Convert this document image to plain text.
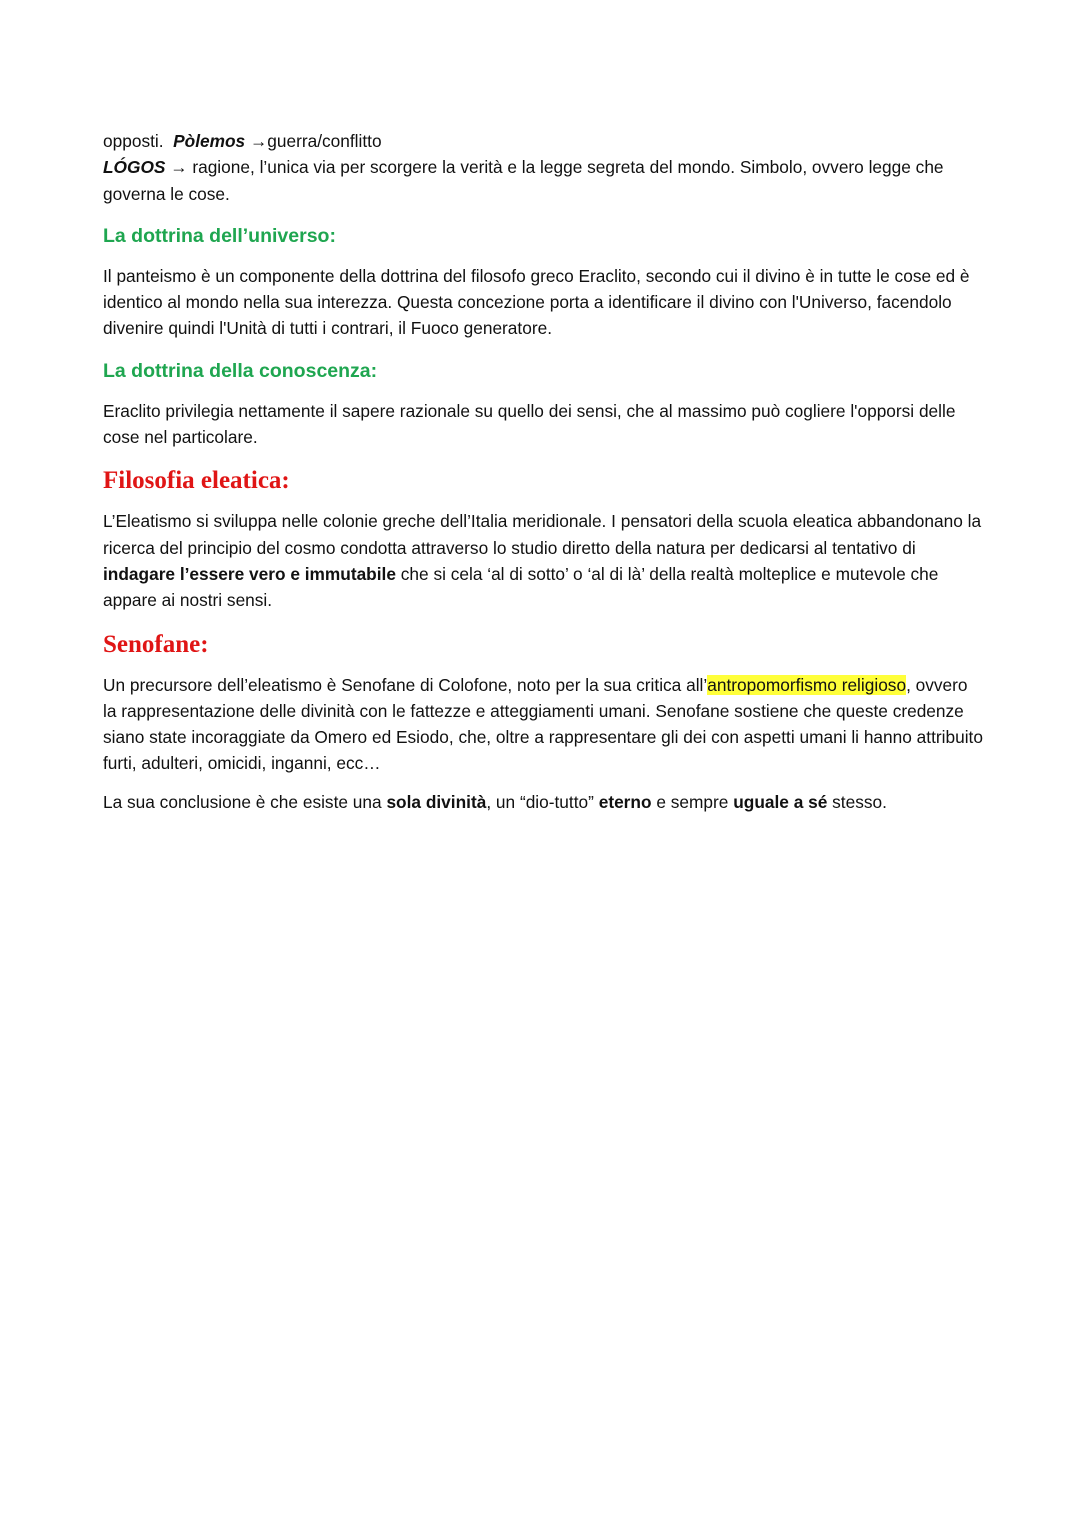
opposti. Pòlemos →guerra/conflitto

LÓGOS → ragione, l’unica via per scorgere la verità e la legge segreta del mondo. Simbolo, ovvero legge che governa le cose.

La dottrina dell’universo:

Il panteismo è un componente della dottrina del filosofo greco Eraclito, secondo cui il divino è in tutte le cose ed è identico al mondo nella sua interezza. Questa concezione porta a identificare il divino con l'Universo, facendolo divenire quindi l'Unità di tutti i contrari, il Fuoco generatore.

La dottrina della conoscenza:

Eraclito privilegia nettamente il sapere razionale su quello dei sensi, che al massimo può cogliere l'opporsi delle cose nel particolare.

Filosofia eleatica:

L’Eleatismo si sviluppa nelle colonie greche dell’Italia meridionale. I pensatori della scuola eleatica abbandonano la ricerca del principio del cosmo condotta attraverso lo studio diretto della natura per dedicarsi al tentativo di indagare l’essere vero e immutabile che si cela ‘al di sotto’ o ‘al di là’ della realtà molteplice e mutevole che appare ai nostri sensi.

Senofane:

Un precursore dell’eleatismo è Senofane di Colofone, noto per la sua critica all’antropomorfismo religioso, ovvero la rappresentazione delle divinità con le fattezze e atteggiamenti umani. Senofane sostiene che queste credenze siano state incoraggiate da Omero ed Esiodo, che, oltre a rappresentare gli dei con aspetti umani li hanno attribuito furti, adulteri, omicidi, inganni, ecc…

La sua conclusione è che esiste una sola divinità, un “dio-tutto” eterno e sempre uguale a sé stesso.
